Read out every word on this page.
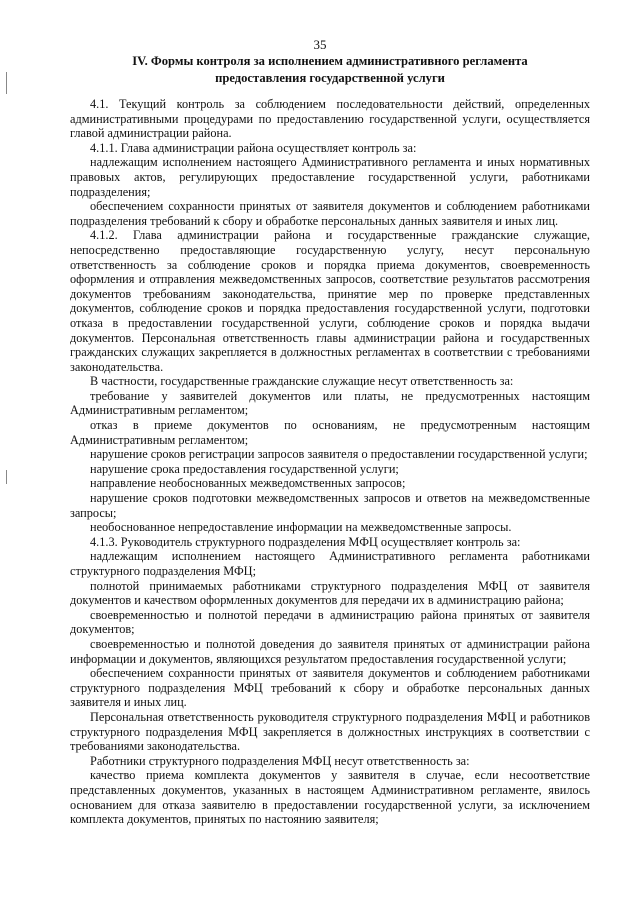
35
IV. Формы контроля за исполнением административного регламента
предоставления государственной услуги

4.1. Текущий контроль за соблюдением последовательности действий, определенных административными процедурами по предоставлению государственной услуги, осуществляется главой администрации района.

4.1.1. Глава администрации района осуществляет контроль за:

надлежащим исполнением настоящего Административного регламента и иных нормативных правовых актов, регулирующих предоставление государственной услуги, работниками подразделения;

обеспечением сохранности принятых от заявителя документов и соблюдением работниками подразделения требований к сбору и обработке персональных данных заявителя и иных лиц.

4.1.2. Глава администрации района и государственные гражданские служащие, непосредственно предоставляющие государственную услугу, несут персональную ответственность за соблюдение сроков и порядка приема документов, своевременность оформления и отправления межведомственных запросов, соответствие результатов рассмотрения документов требованиям законодательства, принятие мер по проверке представленных документов, соблюдение сроков и порядка предоставления государственной услуги, подготовки отказа в предоставлении государственной услуги, соблюдение сроков и порядка выдачи документов. Персональная ответственность главы администрации района и государственных гражданских служащих закрепляется в должностных регламентах в соответствии с требованиями законодательства.

В частности, государственные гражданские служащие несут ответственность за:

требование у заявителей документов или платы, не предусмотренных настоящим Административным регламентом;

отказ в приеме документов по основаниям, не предусмотренным настоящим Административным регламентом;

нарушение сроков регистрации запросов заявителя о предоставлении государственной услуги;

нарушение срока предоставления государственной услуги;

направление необоснованных межведомственных запросов;

нарушение сроков подготовки межведомственных запросов и ответов на межведомственные запросы;

необоснованное непредоставление информации на межведомственные запросы.

4.1.3. Руководитель структурного подразделения МФЦ осуществляет контроль за:

надлежащим исполнением настоящего Административного регламента работниками структурного подразделения МФЦ;

полнотой принимаемых работниками структурного подразделения МФЦ от заявителя документов и качеством оформленных документов для передачи их в администрацию района;

своевременностью и полнотой передачи в администрацию района принятых от заявителя документов;

своевременностью и полнотой доведения до заявителя принятых от администрации района информации и документов, являющихся результатом предоставления государственной услуги;

обеспечением сохранности принятых от заявителя документов и соблюдением работниками структурного подразделения МФЦ требований к сбору и обработке персональных данных заявителя и иных лиц.

Персональная ответственность руководителя структурного подразделения МФЦ и работников структурного подразделения МФЦ закрепляется в должностных инструкциях в соответствии с требованиями законодательства.

Работники структурного подразделения МФЦ несут ответственность за:

качество приема комплекта документов у заявителя в случае, если несоответствие представленных документов, указанных в настоящем Административном регламенте, явилось основанием для отказа заявителю в предоставлении государственной услуги, за исключением комплекта документов, принятых по настоянию заявителя;
